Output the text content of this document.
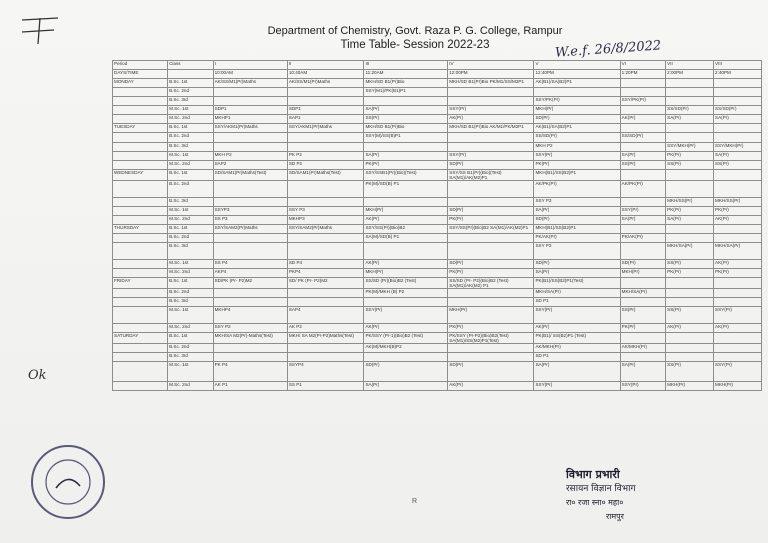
Department of Chemistry, Govt. Raza P. G. College, Rampur
Time Table- Session 2022-23	W.e.f. 26/8/2022
Period	Class	I	II	III	IV	V	VI	VII	VIII
DAYS/TIME		10:00AM	10:40AM	11:20AM	12:00PM	12:40PM	1:20PM	2:00PM	2:40PM
MONDAY	B.Sc. 1st	AK/SS/M1(Pr)Maths	AK/SS/M1(Pr)Maths	MKH/SD B1(Pr)Bio	MKH/SD B1(Pr)Bio PK/M1/SS/M2P1	AK(B1)/SA(B2)P1			
	B.Sc. 2nd			SSY(M1)/PK(B1)P1					
	B.Sc. 3rd					SSY/PK(Pr)	SSY/PK(Pr)		
	M.Sc. 1st	SDP1	SDP1	SA(Pr)	SSY(Pr)	MKH(Pr)		SS/SD(Pr)	SS/SD(Pr)
	M.Sc. 2nd	MKHP1	SAP1	SS(Pr)	AK(Pr)	SD(Pr)	AK(Pr)	SA(Pr)	SA(Pr)
TUESDAY	B.Sc. 1st	SSY/AKM1(Pr)Maths	SSY/AKM1(Pr)Maths	MKH/SD B1(Pr)Bio	MKH/SD B1(Pr)Bio AK/M1/PK/M2P1	AK(B1)/SA(B2)P1			
	B.Sc. 2nd			SSY(M)/SS(B)P1		SS/SD(Pr)	SS/SD(Pr)		
	B.Sc. 3rd					MKH P2		SSY/MKH(Pr)	SSY/MKH(Pr)
	M.Sc. 1st	MKH P2	PK P2	SA(Pr)	SSY(Pr)	SSY(Pr)	SA(Pr)	PK(Pr)	SA(Pr)
	M.Sc. 2nd	SAP2	SD P2	PK(Pr)	SD(Pr)	PK(Pr)	SS(Pr)	SS(Pr)	SS(Pr)
WEDNESDAY	B.Sc. 1st	SD/SAM1(Pr)Maths(Test)	SD/SAM1(Pr)Maths(Test)	SSY/SSB1(Pr)(Bio)(Test)	SSY/SS B1(Pr)(Bio)(Test) SA(M1)/AK(M2)P1	MKH(B1)/SS(B2)P1			
	B.Sc. 2nd			PK(M)/SD(B) P1		AK/PK(Pr)	AK/PK(Pr)		
	B.Sc. 3rd					SSY P3		MKH/SS(Pr)	MKH/SS(Pr)
	M.Sc. 1st	SSYP3	SSY P3	MKH(Pr)	SD(Pr)	SA(Pr)	SSY(Pr)	PK(Pr)	PK(Pr)
	M.Sc. 2nd	SS P3	MKHP3	AK(Pr)	PK(Pr)	SD(Pr)	SA(Pr)	SA(Pr)	AK(Pr)
THURSDAY	B.Sc. 1st	SSY/SAM2(Pr)Maths	SSY/SAM2(Pr)Maths	SSY/SS(Pr)(Bio)B2	SSY/SS(Pr)(Bio)B2 SA(M1)/AK(M2)P1	MKH(B1)/SS(B2)P1			
	B.Sc. 2nd			SA(M)/SD(B) P1		PK/AK(Pr)	PK/AK(Pr)		
	B.Sc. 3rd					SSY P3		MKH/SA(Pr)	MKH/SA(Pr)
	M.Sc. 1st	SS P4	SD P4	AK(Pr)	SD(Pr)	SD(Pr)	SD(Pr)	SS(Pr)	AK(Pr)
	M.Sc. 2nd	AKP4	PKP4	MKH(Pr)	PK(Pr)	SA(Pr)	MKH(Pr)	PK(Pr)	PK(Pr)
FRIDAY	B.Sc. 1st	SD/PK (Pr- P2)M2	SD/ PK (Pr- P2)M2	SS/SD (Pr)(Bio)B2 (Test)	SS/SD (Pr- P2)(Bio)B2 (Test) SA(M1)/AK(M2) P1	PK(B1)/SS(B2)P1(Test)			
	B.Sc. 2nd			PK(M)/MKH (B) P2		MKH/SA(Pr)	MKH/SA(Pr)		
	B.Sc. 3rd					SD P1			
	M.Sc. 1st	MKHP4	SAP4	SSY(Pr)	MKH(Pr)	SSY(Pr)	SS(Pr)	SS(Pr)	SSY(Pr)
	M.Sc. 2nd	SSY P2	AK P2	AK(Pr)	PK(Pr)	AK(Pr)	PK(Pr)	AK(Pr)	AK(Pr)
SATURDAY	B.Sc. 1st	MKH/SA M2(Pr)-Maths(Test)	MKH/ SA M2(Pr-P2)Maths(Test)	PK/SSY (Pr-1)(Bio)B2 (Test)	PK/SSY (Pr-P2)(Bio)B2(Test) SA(M1)/SS(M2)P1(Test)	PK(B1)/ SS(B2)P1 (Test)			
	B.Sc. 2nd			AK(M)/MKH(B)P2		AK/MKH(Pr)	AK/MKH(Pr)		
	B.Sc. 3rd					SD P1			
	M.Sc. 1st	PK P4	SSYP4	SD(Pr)	SD(Pr)	SA(Pr)	SA(Pr)	SS(Pr)	SSY(Pr)
	M.Sc. 2nd	AK P1	SS P1	SA(Pr)	AK(Pr)	SSY(Pr)	SSY(Pr)	MKH(Pr)	MKH(Pr)
Ok
विभाग प्रभारी
रसायन विज्ञान विभाग
रा० रजा स्ना० महा०
रामपुर
R
